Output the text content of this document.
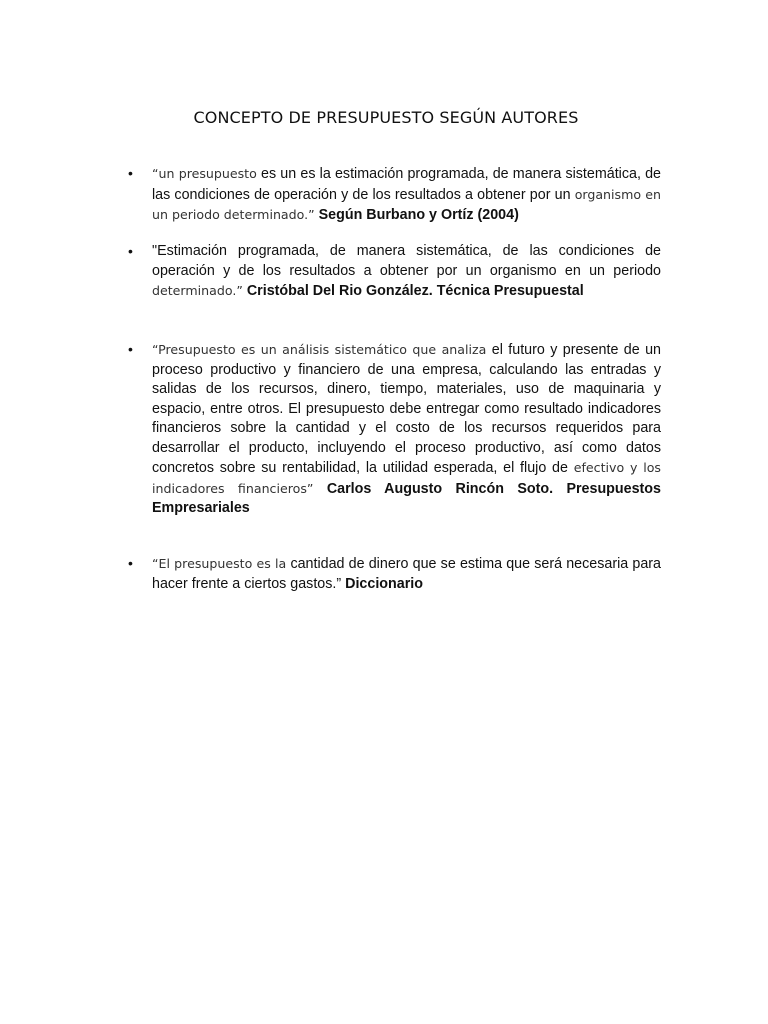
CONCEPTO DE PRESUPUESTO SEGÚN AUTORES
• “un presupuesto es un es la estimación programada, de manera sistemática, de las condiciones de operación y de los resultados a obtener por un organismo en un periodo determinado.” Según Burbano y Ortíz (2004)
• "Estimación programada, de manera sistemática, de las condiciones de operación y de los resultados a obtener por un organismo en un periodo determinado.” Cristóbal Del Rio González. Técnica Presupuestal
• “Presupuesto es un análisis sistemático que analiza el futuro y presente de un proceso productivo y financiero de una empresa, calculando las entradas y salidas de los recursos, dinero, tiempo, materiales, uso de maquinaria y espacio, entre otros. El presupuesto debe entregar como resultado indicadores financieros sobre la cantidad y el costo de los recursos requeridos para desarrollar el producto, incluyendo el proceso productivo, así como datos concretos sobre su rentabilidad, la utilidad esperada, el flujo de efectivo y los indicadores financieros” Carlos Augusto Rincón Soto. Presupuestos Empresariales
• “El presupuesto es la cantidad de dinero que se estima que será necesaria para hacer frente a ciertos gastos.” Diccionario
